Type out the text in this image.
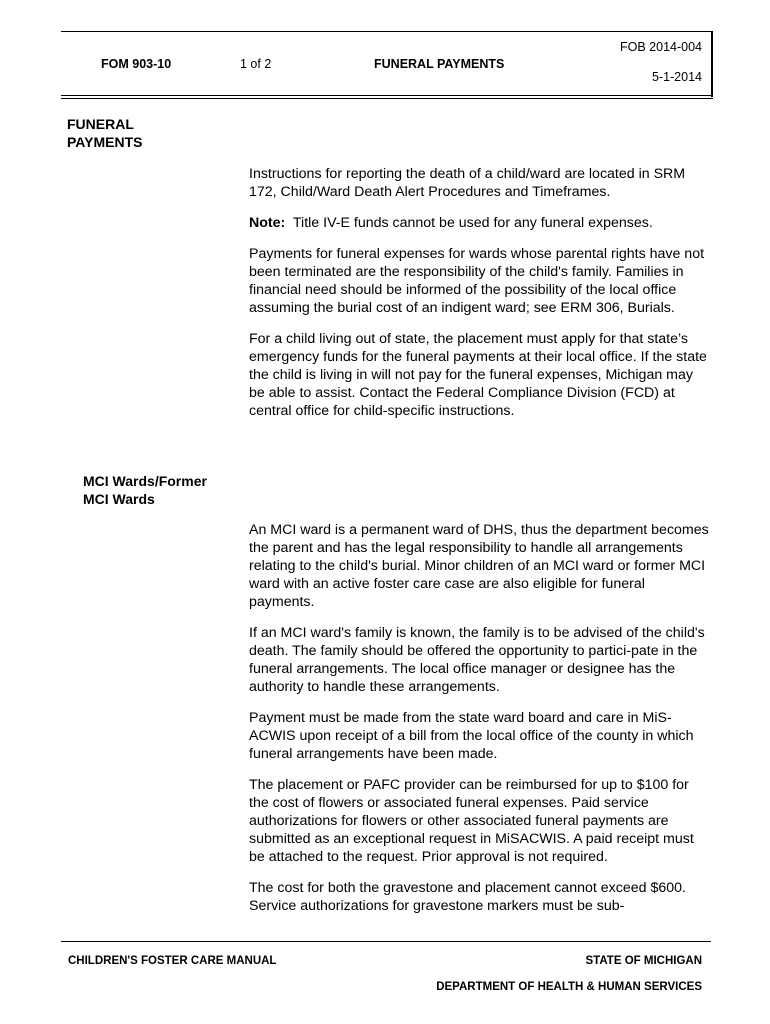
FOM 903-10	1 of 2	FUNERAL PAYMENTS
FOB 2014-004
5-1-2014
FUNERAL
PAYMENTS

Instructions for reporting the death of a child/ward are located in SRM 172, Child/Ward Death Alert Procedures and Timeframes.

Note: Title IV-E funds cannot be used for any funeral expenses.

Payments for funeral expenses for wards whose parental rights have not been terminated are the responsibility of the child's family. Families in financial need should be informed of the possibility of the local office assuming the burial cost of an indigent ward; see ERM 306, Burials.

For a child living out of state, the placement must apply for that state’s emergency funds for the funeral payments at their local office. If the state the child is living in will not pay for the funeral expenses, Michigan may be able to assist. Contact the Federal Compliance Division (FCD) at central office for child-specific instructions.

MCI Wards/Former
MCI Wards

An MCI ward is a permanent ward of DHS, thus the department becomes the parent and has the legal responsibility to handle all arrangements relating to the child's burial. Minor children of an MCI ward or former MCI ward with an active foster care case are also eligible for funeral payments.

If an MCI ward's family is known, the family is to be advised of the child's death. The family should be offered the opportunity to partici-pate in the funeral arrangements. The local office manager or designee has the authority to handle these arrangements.

Payment must be made from the state ward board and care in MiS-ACWIS upon receipt of a bill from the local office of the county in which funeral arrangements have been made.

The placement or PAFC provider can be reimbursed for up to $100 for the cost of flowers or associated funeral expenses. Paid service authorizations for flowers or other associated funeral payments are submitted as an exceptional request in MiSACWIS. A paid receipt must be attached to the request. Prior approval is not required.

The cost for both the gravestone and placement cannot exceed $600. Service authorizations for gravestone markers must be sub-

CHILDREN'S FOSTER CARE MANUAL	STATE OF MICHIGAN
DEPARTMENT OF HEALTH & HUMAN SERVICES
